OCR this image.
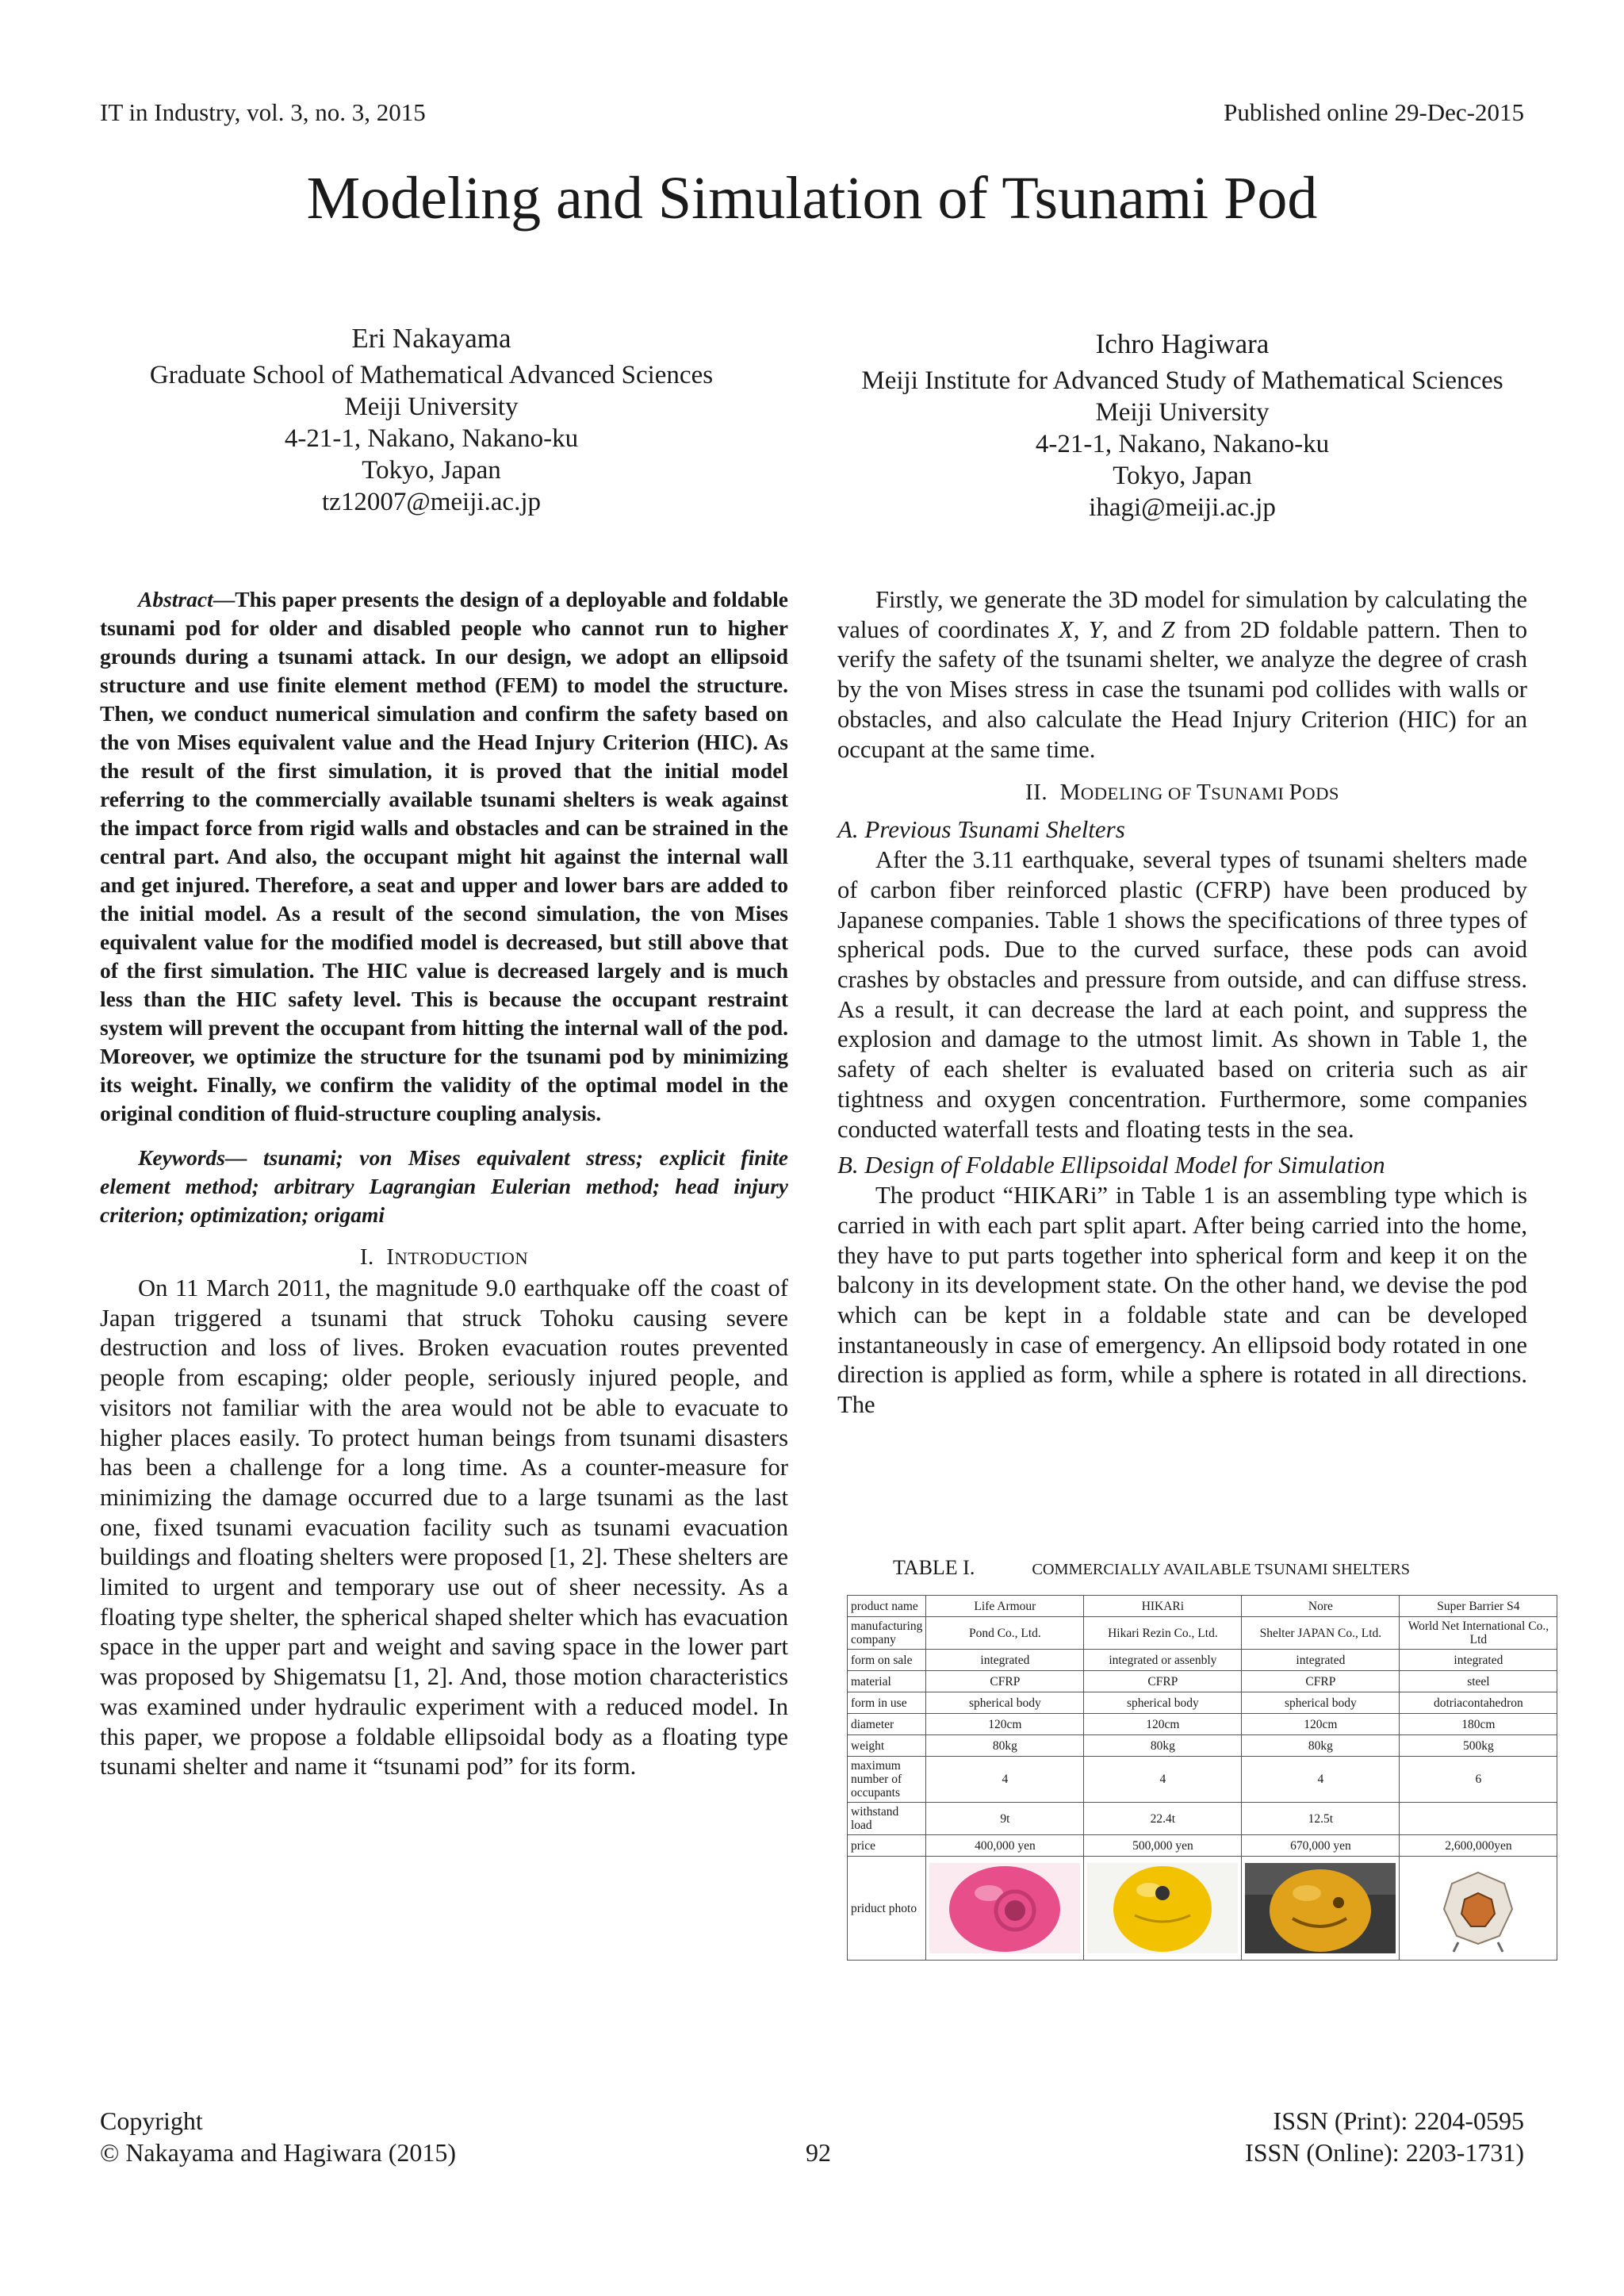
IT in Industry, vol. 3, no. 3, 2015	Published online 29-Dec-2015
Modeling and Simulation of Tsunami Pod
Eri Nakayama
Graduate School of Mathematical Advanced Sciences
Meiji University
4-21-1, Nakano, Nakano-ku
Tokyo, Japan
tz12007@meiji.ac.jp
Ichro Hagiwara
Meiji Institute for Advanced Study of Mathematical Sciences
Meiji University
4-21-1, Nakano, Nakano-ku
Tokyo, Japan
ihagi@meiji.ac.jp

Abstract—This paper presents the design of a deployable and foldable tsunami pod for older and disabled people who cannot run to higher grounds during a tsunami attack. In our design, we adopt an ellipsoid structure and use finite element method (FEM) to model the structure. Then, we conduct numerical simulation and confirm the safety based on the von Mises equivalent value and the Head Injury Criterion (HIC). As the result of the first simulation, it is proved that the initial model referring to the commercially available tsunami shelters is weak against the impact force from rigid walls and obstacles and can be strained in the central part. And also, the occupant might hit against the internal wall and get injured. Therefore, a seat and upper and lower bars are added to the initial model. As a result of the second simulation, the von Mises equivalent value for the modified model is decreased, but still above that of the first simulation. The HIC value is decreased largely and is much less than the HIC safety level. This is because the occupant restraint system will prevent the occupant from hitting the internal wall of the pod. Moreover, we optimize the structure for the tsunami pod by minimizing its weight. Finally, we confirm the validity of the optimal model in the original condition of fluid-structure coupling analysis.

Keywords— tsunami; von Mises equivalent stress; explicit finite element method; arbitrary Lagrangian Eulerian method; head injury criterion; optimization; origami

I. INTRODUCTION

On 11 March 2011, the magnitude 9.0 earthquake off the coast of Japan triggered a tsunami that struck Tohoku causing severe destruction and loss of lives. Broken evacuation routes prevented people from escaping; older people, seriously injured people, and visitors not familiar with the area would not be able to evacuate to higher places easily. To protect human beings from tsunami disasters has been a challenge for a long time. As a counter-measure for minimizing the damage occurred due to a large tsunami as the last one, fixed tsunami evacuation facility such as tsunami evacuation buildings and floating shelters were proposed [1, 2]. These shelters are limited to urgent and temporary use out of sheer necessity. As a floating type shelter, the spherical shaped shelter which has evacuation space in the upper part and weight and saving space in the lower part was proposed by Shigematsu [1, 2]. And, those motion characteristics was examined under hydraulic experiment with a reduced model. In this paper, we propose a foldable ellipsoidal body as a floating type tsunami shelter and name it “tsunami pod” for its form.

Firstly, we generate the 3D model for simulation by calculating the values of coordinates X, Y, and Z from 2D foldable pattern. Then to verify the safety of the tsunami shelter, we analyze the degree of crash by the von Mises stress in case the tsunami pod collides with walls or obstacles, and also calculate the Head Injury Criterion (HIC) for an occupant at the same time.

II. MODELING OF TSUNAMI PODS
A. Previous Tsunami Shelters

After the 3.11 earthquake, several types of tsunami shelters made of carbon fiber reinforced plastic (CFRP) have been produced by Japanese companies. Table 1 shows the specifications of three types of spherical pods. Due to the curved surface, these pods can avoid crashes by obstacles and pressure from outside, and can diffuse stress. As a result, it can decrease the lard at each point, and suppress the explosion and damage to the utmost limit. As shown in Table 1, the safety of each shelter is evaluated based on criteria such as air tightness and oxygen concentration. Furthermore, some companies conducted waterfall tests and floating tests in the sea.

B. Design of Foldable Ellipsoidal Model for Simulation

The product “HIKARi” in Table 1 is an assembling type which is carried in with each part split apart. After being carried into the home, they have to put parts together into spherical form and keep it on the balcony in its development state. On the other hand, we devise the pod which can be kept in a foldable state and can be developed instantaneously in case of emergency. An ellipsoid body rotated in one direction is applied as form, while a sphere is rotated in all directions. The

TABLE I.	COMMERCIALLY AVAILABLE TSUNAMI SHELTERS
product name	Life Armour	HIKARi	Nore	Super Barrier S4
manufacturing company	Pond Co., Ltd.	Hikari Rezin Co., Ltd.	Shelter JAPAN Co., Ltd.	World Net International Co., Ltd
form on sale	integrated	integrated or assenbly	integrated	integrated
material	CFRP	CFRP	CFRP	steel
form in use	spherical body	spherical body	spherical body	dotriacontahedron
diameter	120cm	120cm	120cm	180cm
weight	80kg	80kg	80kg	500kg
maximum number of occupants	4	4	4	6
withstand load	9t	22.4t	12.5t	
price	400,000 yen	500,000 yen	670,000 yen	2,600,000yen
priduct photo	

Copyright
© Nakayama and Hagiwara (2015)	92
ISSN (Print): 2204-0595
ISSN (Online): 2203-1731)
